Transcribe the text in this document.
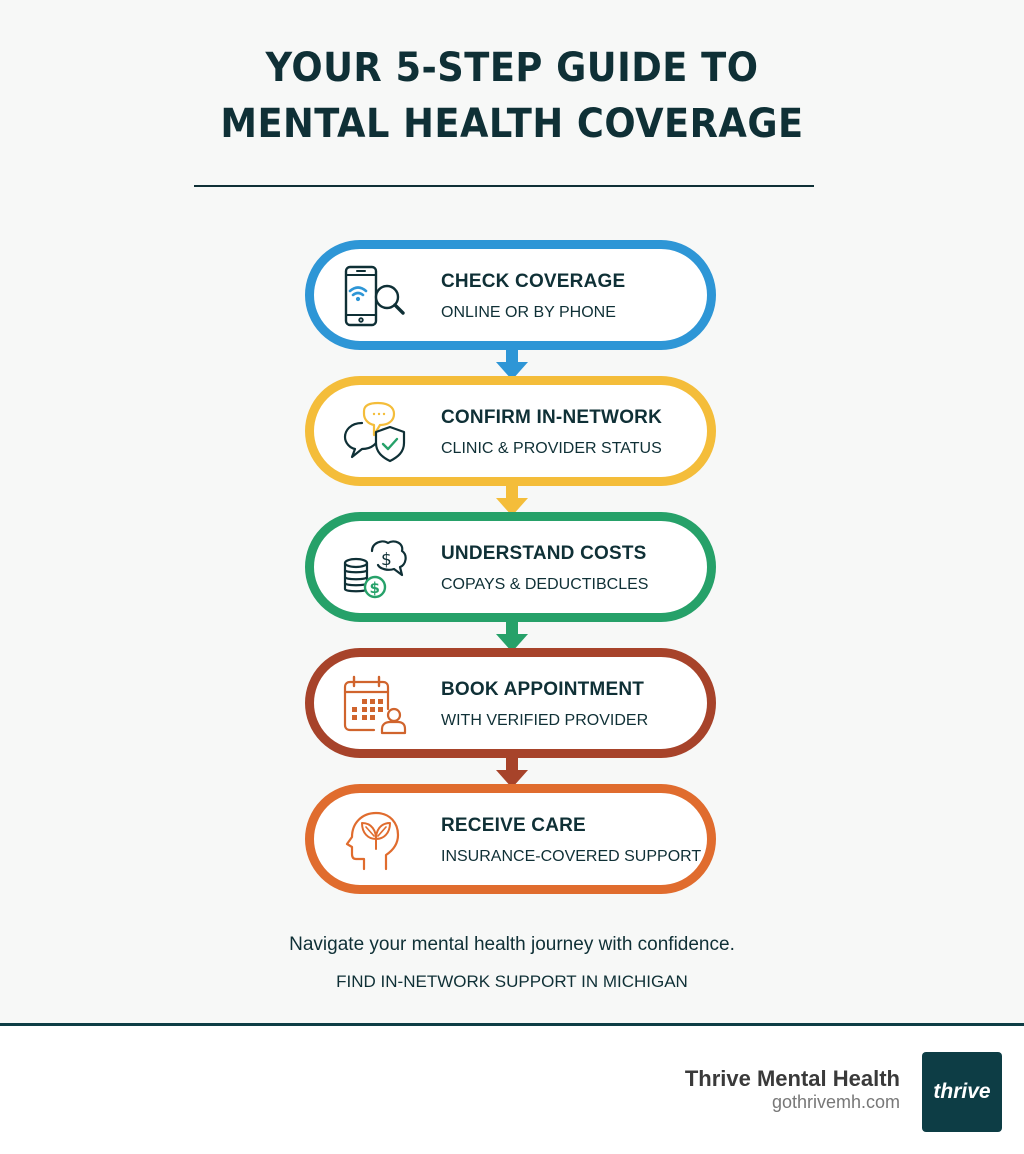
YOUR 5-STEP GUIDE TO
MENTAL HEALTH COVERAGE
CHECK COVERAGE
ONLINE OR BY PHONE
CONFIRM IN-NETWORK
CLINIC & PROVIDER STATUS
$
$
UNDERSTAND COSTS
COPAYS & DEDUCTIBCLES
BOOK APPOINTMENT
WITH VERIFIED PROVIDER
RECEIVE CARE
INSURANCE-COVERED SUPPORT
Navigate your mental health journey with confidence.
FIND IN-NETWORK SUPPORT IN MICHIGAN
Thrive Mental Health
gothrivemh.com thrive
